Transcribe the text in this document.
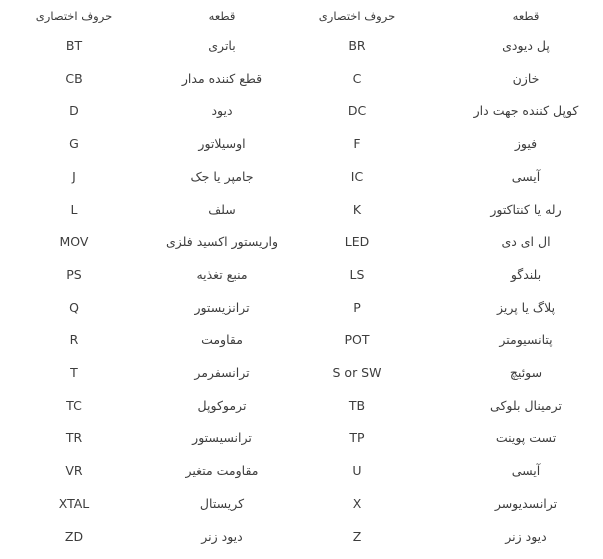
قطعه
حروف اختصاری
قطعه
حروف اختصاری
پل دیودی
BR
باتری
BT
خازن
C
قطع کننده مدار
CB
کوپل کننده جهت دار
DC
دیود
D
فیوز
F
اوسیلاتور
G
آیسی
IC
جامپر یا جک
J
رله یا کنتاکتور
K
سلف
L
ال ای دی
LED
واریستور اکسید فلزی
MOV
بلندگو
LS
منبع تغذیه
PS
پلاگ یا پریز
P
ترانزیستور
Q
پتانسیومتر
POT
مقاومت
R
سوئیچ
S or SW
ترانسفرمر
T
ترمینال بلوکی
TB
ترموکوپل
TC
تست پوینت
TP
ترانسیستور
TR
آیسی
U
مقاومت متغیر
VR
ترانسدیوسر
X
کریستال
XTAL
دیود زنر
Z
دیود زنر
ZD
